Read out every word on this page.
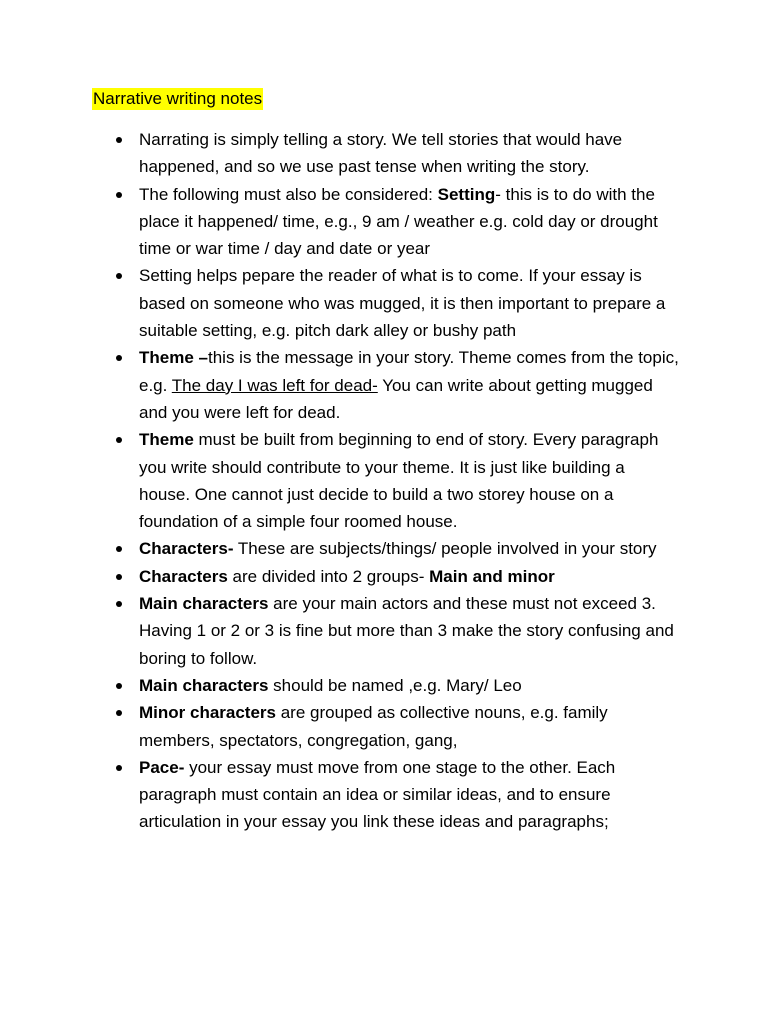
Narrative writing notes
Narrating is simply telling a story. We tell stories that would have happened, and so we use past tense when writing the story.
The following must also be considered: Setting- this is to do with the place it happened/ time, e.g., 9 am / weather e.g. cold day or drought time or war time / day and date or year
Setting helps pepare the reader of what is to come. If your essay is based on someone who was mugged, it is then important to prepare a suitable setting, e.g. pitch dark alley or bushy path
Theme –this is the message in your story. Theme comes from the topic, e.g. The day I was left for dead- You can write about getting mugged and you were left for dead.
Theme must be built from beginning to end of story. Every paragraph you write should contribute to your theme. It is just like building a house. One cannot just decide to build a two storey house on a foundation of a simple four roomed house.
Characters- These are subjects/things/ people involved in your story
Characters are divided into 2 groups- Main and minor
Main characters are your main actors and these must not exceed 3. Having 1 or 2 or 3 is fine but more than 3 make the story confusing and boring to follow.
Main characters should be named ,e.g. Mary/ Leo
Minor characters are grouped as collective nouns, e.g. family members, spectators, congregation, gang,
Pace- your essay must move from one stage to the other. Each paragraph must contain an idea or similar ideas, and to ensure articulation in your essay you link these ideas and paragraphs;
